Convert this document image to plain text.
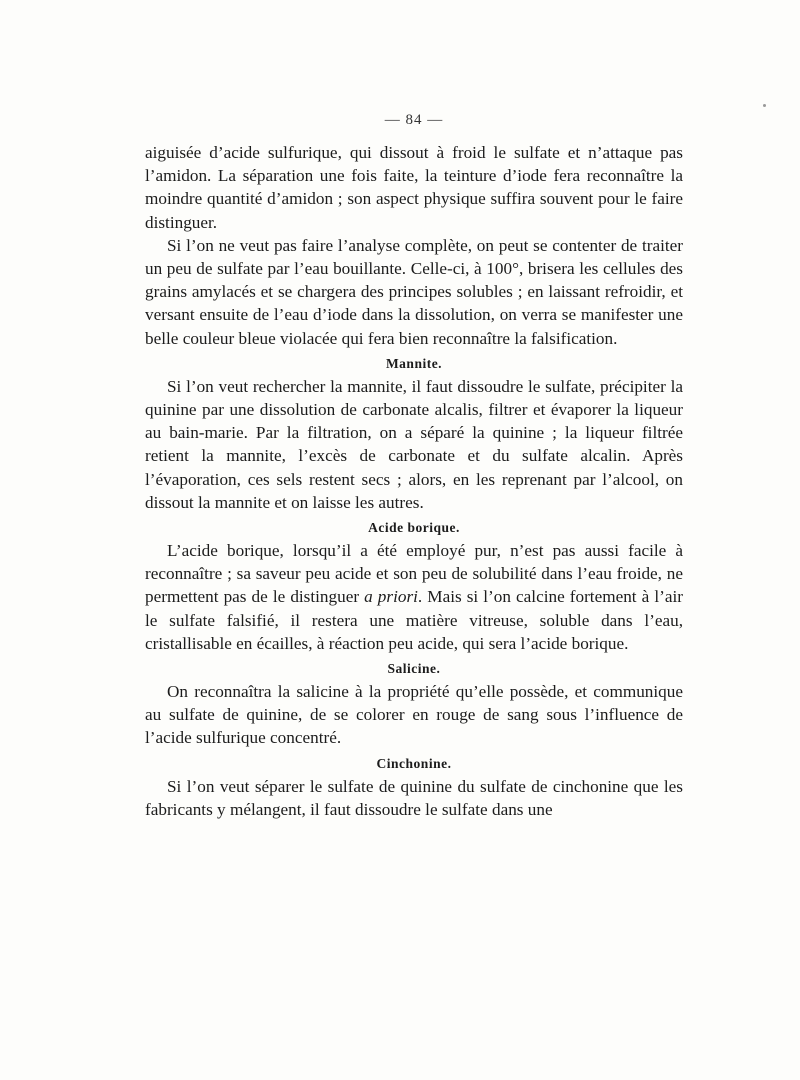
— 84 —

aiguisée d’acide sulfurique, qui dissout à froid le sulfate et n’attaque pas l’amidon. La séparation une fois faite, la teinture d’iode fera reconnaître la moindre quantité d’amidon ; son aspect physique suffira souvent pour le faire distinguer.

Si l’on ne veut pas faire l’analyse complète, on peut se contenter de traiter un peu de sulfate par l’eau bouillante. Celle-ci, à 100°, brisera les cellules des grains amylacés et se chargera des principes solubles ; en laissant refroidir, et versant ensuite de l’eau d’iode dans la dissolution, on verra se manifester une belle couleur bleue violacée qui fera bien reconnaître la falsification.

Mannite.

Si l’on veut rechercher la mannite, il faut dissoudre le sulfate, précipiter la quinine par une dissolution de carbonate alcalis, filtrer et évaporer la liqueur au bain-marie. Par la filtration, on a séparé la quinine ; la liqueur filtrée retient la mannite, l’excès de carbonate et du sulfate alcalin. Après l’évaporation, ces sels restent secs ; alors, en les reprenant par l’alcool, on dissout la mannite et on laisse les autres.

Acide borique.

L’acide borique, lorsqu’il a été employé pur, n’est pas aussi facile à reconnaître ; sa saveur peu acide et son peu de solubilité dans l’eau froide, ne permettent pas de le distinguer a priori. Mais si l’on calcine fortement à l’air le sulfate falsifié, il restera une matière vitreuse, soluble dans l’eau, cristallisable en écailles, à réaction peu acide, qui sera l’acide borique.

Salicine.

On reconnaîtra la salicine à la propriété qu’elle possède, et communique au sulfate de quinine, de se colorer en rouge de sang sous l’influence de l’acide sulfurique concentré.

Cinchonine.

Si l’on veut séparer le sulfate de quinine du sulfate de cinchonine que les fabricants y mélangent, il faut dissoudre le sulfate dans une
